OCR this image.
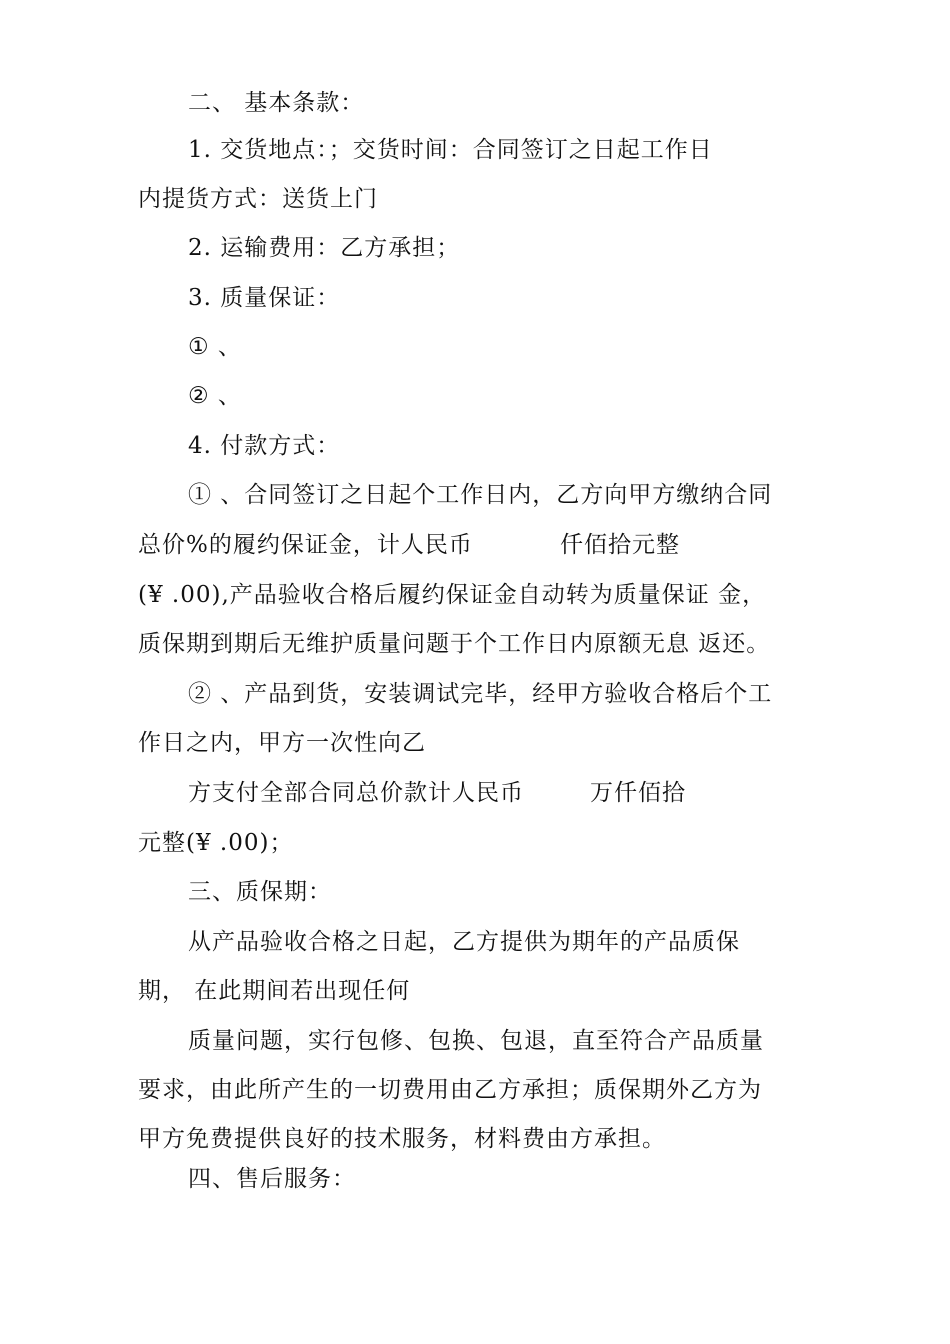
二、 基本条款：
1. 交货地点：；交货时间：合同签订之日起工作日
内提货方式：送货上门
2. 运输费用：乙方承担；
3. 质量保证：
① 、
② 、
4. 付款方式：
① 、合同签订之日起个工作日内，乙方向甲方缴纳合同
总价%的履约保证金，计人民币	仟佰拾元整
(¥ .00),产品验收合格后履约保证金自动转为质量保证 金，
质保期到期后无维护质量问题于个工作日内原额无息 返还。
② 、产品到货，安装调试完毕，经甲方验收合格后个工
作日之内，甲方一次性向乙
方支付全部合同总价款计人民币	万仟佰拾
元整(¥ .00)；
三、质保期：
从产品验收合格之日起，乙方提供为期年的产品质保
期， 在此期间若出现任何
质量问题，实行包修、包换、包退，直至符合产品质量
要求，由此所产生的一切费用由乙方承担；质保期外乙方为
甲方免费提供良好的技术服务，材料费由方承担。
四、售后服务：
